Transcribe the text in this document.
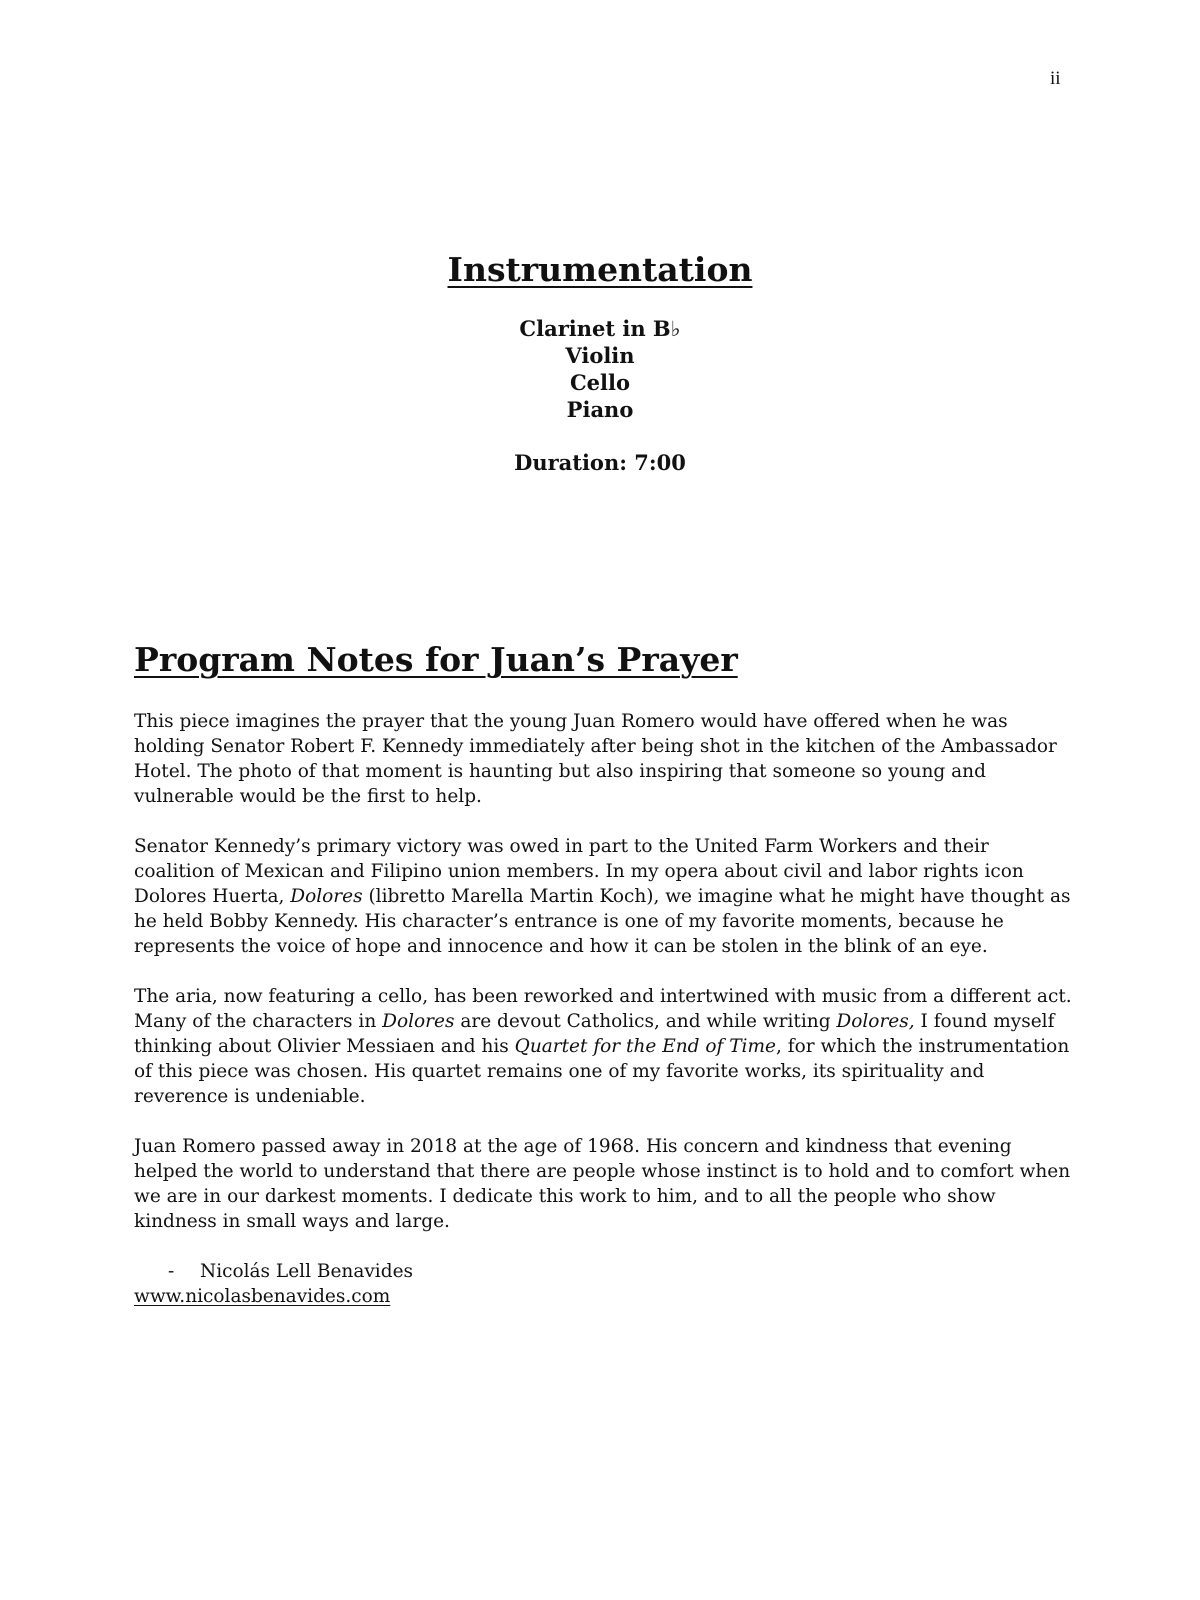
ii
Instrumentation
Clarinet in B♭
Violin
Cello
Piano
Duration: 7:00
Program Notes for Juan’s Prayer

This piece imagines the prayer that the young Juan Romero would have offered when he was holding Senator Robert F. Kennedy immediately after being shot in the kitchen of the Ambassador Hotel. The photo of that moment is haunting but also inspiring that someone so young and vulnerable would be the first to help.

Senator Kennedy’s primary victory was owed in part to the United Farm Workers and their coalition of Mexican and Filipino union members. In my opera about civil and labor rights icon Dolores Huerta, Dolores (libretto Marella Martin Koch), we imagine what he might have thought as he held Bobby Kennedy. His character’s entrance is one of my favorite moments, because he represents the voice of hope and innocence and how it can be stolen in the blink of an eye.

The aria, now featuring a cello, has been reworked and intertwined with music from a different act. Many of the characters in Dolores are devout Catholics, and while writing Dolores, I found myself thinking about Olivier Messiaen and his Quartet for the End of Time, for which the instrumentation of this piece was chosen. His quartet remains one of my favorite works, its spirituality and reverence is undeniable.

Juan Romero passed away in 2018 at the age of 1968. His concern and kindness that evening helped the world to understand that there are people whose instinct is to hold and to comfort when we are in our darkest moments. I dedicate this work to him, and to all the people who show kindness in small ways and large.

- Nicolás Lell Benavides

www.nicolasbenavides.com
